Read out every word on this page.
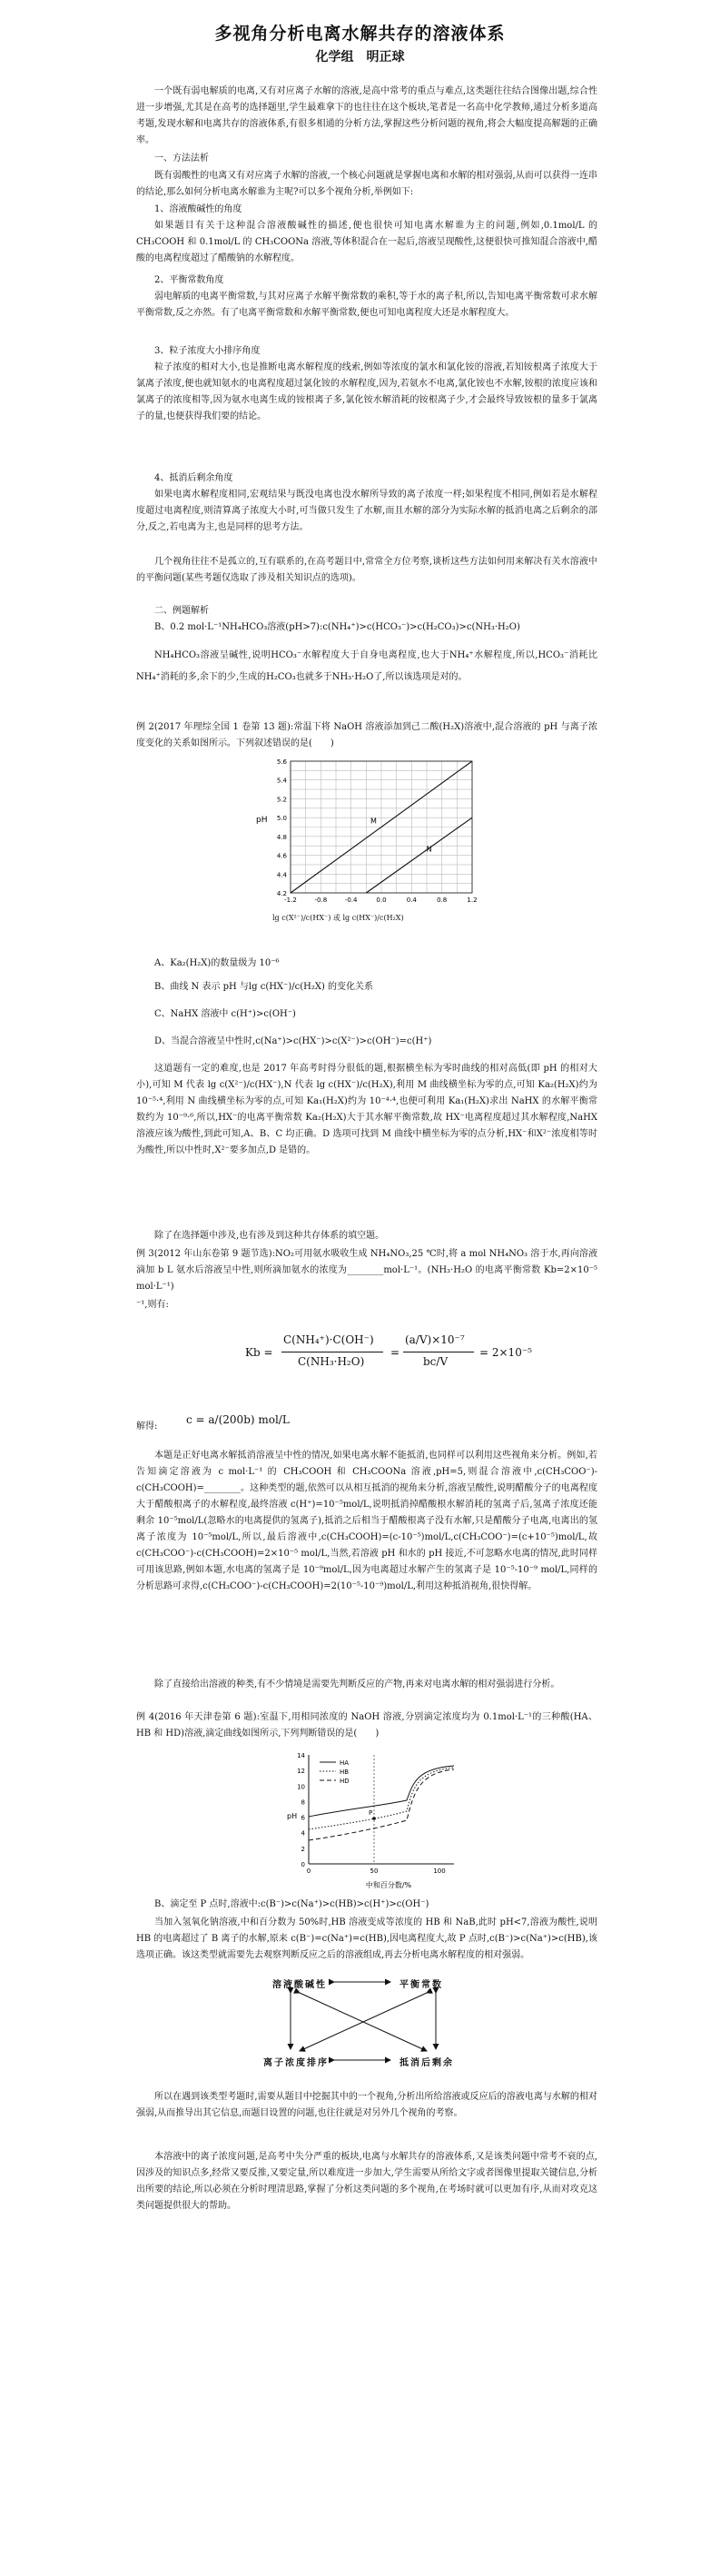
多视角分析电离水解共存的溶液体系
化学组　明正球
一个既有弱电解质的电离,又有对应离子水解的溶液,是高中常考的重点与难点,这类题往往结合图像出题,综合性进一步增强,尤其是在高考的选择题里,学生最难拿下的也往往在这个板块,笔者是一名高中化学教师,通过分析多道高考题,发现水解和电离共存的溶液体系,有很多相通的分析方法,掌握这些分析问题的视角,将会大幅度提高解题的正确率。
一、方法法析
既有弱酸性的电离又有对应离子水解的溶液,一个核心问题就是掌握电离和水解的相对强弱,从而可以获得一连串的结论,那么如何分析电离水解谁为主呢?可以多个视角分析,举例如下:
1、溶液酸碱性的角度
如果题目有关于这种混合溶液酸碱性的描述,便也很快可知电离水解谁为主的问题,例如,0.1mol/L 的 CH₃COOH 和 0.1mol/L 的 CH₃COONa 溶液,等体积混合在一起后,溶液呈现酸性,这便很快可推知混合溶液中,醋酸的电离程度超过了醋酸钠的水解程度。
2、平衡常数角度
弱电解质的电离平衡常数,与其对应离子水解平衡常数的乘积,等于水的离子积,所以,告知电离平衡常数可求水解平衡常数,反之亦然。有了电离平衡常数和水解平衡常数,便也可知电离程度大还是水解程度大。
3、粒子浓度大小排序角度
粒子浓度的相对大小,也是推断电离水解程度的线索,例如等浓度的氯水和氯化铵的溶液,若知铵根离子浓度大于氯离子浓度,便也就知氨水的电离程度超过氯化铵的水解程度,因为,若氨水不电离,氯化铵也不水解,铵根的浓度应该和氯离子的浓度相等,因为氨水电离生成的铵根离子多,氯化铵水解消耗的铵根离子少,才会最终导致铵根的量多于氯离子的量,也便获得我们要的结论。
4、抵消后剩余角度
如果电离水解程度相同,宏观结果与既没电离也没水解所导致的离子浓度一样;如果程度不相同,例如若是水解程度超过电离程度,则清算离子浓度大小时,可当做只发生了水解,而且水解的部分为实际水解的抵消电离之后剩余的部分,反之,若电离为主,也是同样的思考方法。
几个视角往往不是孤立的,互有联系的,在高考题目中,常常全方位考察,谈析这些方法如何用来解决有关水溶液中的平衡问题(某些考题仅选取了涉及相关知识点的选项)。
二、例题解析
B、0.2 mol·L⁻¹NH₄HCO₃溶液(pH>7):c(NH₄⁺)>c(HCO₃⁻)>c(H₂CO₃)>c(NH₃·H₂O)
NH₄HCO₃溶液呈碱性,说明HCO₃⁻水解程度大于自身电离程度,也大于NH₄⁺水解程度,所以,HCO₃⁻消耗比NH₄⁺消耗的多,余下的少,生成的H₂CO₃也就多于NH₃·H₂O了,所以该选项是对的。
例 2(2017 年理综全国 1 卷第 13 题):常温下将 NaOH 溶液添加到己二酸(H₂X)溶液中,混合溶液的 pH 与离子浓度变化的关系如图所示。下列叙述错误的是(　　)
5.6
5.4
5.2
5.0
4.8
4.6
4.4
4.2
-1.2	-0.8	-0.4	0.0	0.4	0.8	1.2
M
N
pH
lg c(X²⁻)/c(HX⁻) 或 lg c(HX⁻)/c(H₂X)
A、Ka₂(H₂X)的数量级为 10⁻⁶
B、曲线 N 表示 pH 与lg c(HX⁻)/c(H₂X) 的变化关系
C、NaHX 溶液中 c(H⁺)>c(OH⁻)
D、当混合溶液呈中性时,c(Na⁺)>c(HX⁻)>c(X²⁻)>c(OH⁻)=c(H⁺)
这道题有一定的难度,也是 2017 年高考时得分很低的题,根据横坐标为零时曲线的相对高低(即 pH 的相对大小),可知 M 代表 lg c(X²⁻)/c(HX⁻),N 代表 lg c(HX⁻)/c(H₂X),利用 M 曲线横坐标为零的点,可知 Ka₂(H₂X)约为 10⁻⁵·⁴,利用 N 曲线横坐标为零的点,可知 Ka₁(H₂X)约为 10⁻⁴·⁴,也便可利用 Ka₁(H₂X)求出 NaHX 的水解平衡常数约为 10⁻⁹·⁶,所以,HX⁻的电离平衡常数 Ka₂(H₂X)大于其水解平衡常数,故 HX⁻电离程度超过其水解程度,NaHX 溶液应该为酸性,到此可知,A、B、C 均正确。D 选项可找到 M 曲线中横坐标为零的点分析,HX⁻和X²⁻浓度相等时为酸性,所以中性时,X²⁻要多加点,D 是错的。
除了在选择题中涉及,也有涉及到这种共存体系的填空题。
例 3(2012 年山东卷第 9 题节选):NO₂可用氨水吸收生成 NH₄NO₃,25 ℃时,将 a mol NH₄NO₃ 溶于水,再向溶液滴加 b L 氨水后溶液呈中性,则所滴加氨水的浓度为________mol·L⁻¹。(NH₃·H₂O 的电离平衡常数 Kb=2×10⁻⁵ mol·L⁻¹)
⁻¹,则有:
Kb =
C(NH₄⁺)·C(OH⁻)
C(NH₃·H₂O)
=
(a/V)×10⁻⁷
bc/V
= 2×10⁻⁵
解得:
c = a/(200b) mol/L
本题是正好电离水解抵消溶液呈中性的情况,如果电离水解不能抵消,也同样可以利用这些视角来分析。例如,若告知滴定溶液为 c mol·L⁻¹ 的 CH₃COOH 和 CH₃COONa 溶液,pH=5,则混合溶液中,c(CH₃COO⁻)-c(CH₃COOH)=________。这种类型的题,依然可以从相互抵消的视角来分析,溶液呈酸性,说明醋酸分子的电离程度大于醋酸根离子的水解程度,最终溶液 c(H⁺)=10⁻⁵mol/L,说明抵消掉醋酸根水解消耗的氢离子后,氢离子浓度还能剩余 10⁻⁵mol/L(忽略水的电离提供的氢离子),抵消之后相当于醋酸根离子没有水解,只是醋酸分子电离,电离出的氢离子浓度为 10⁻⁵mol/L,所以,最后溶液中,c(CH₃COOH)=(c-10⁻⁵)mol/L,c(CH₃COO⁻)=(c+10⁻⁵)mol/L,故 c(CH₃COO⁻)-c(CH₃COOH)=2×10⁻⁵ mol/L,当然,若溶液 pH 和水的 pH 接近,不可忽略水电离的情况,此时同样可用该思路,例如本题,水电离的氢离子是 10⁻⁹mol/L,因为电离超过水解产生的氢离子是 10⁻⁵-10⁻⁹ mol/L,同样的分析思路可求得,c(CH₃COO⁻)-c(CH₃COOH)=2(10⁻⁵-10⁻⁹)mol/L,利用这种抵消视角,很快得解。
除了直接给出溶液的种类,有不少情境是需要先判断反应的产物,再来对电离水解的相对强弱进行分析。
例 4(2016 年天津卷第 6 题):室温下,用相同浓度的 NaOH 溶液,分别滴定浓度均为 0.1mol·L⁻¹的三种酸(HA、HB 和 HD)溶液,滴定曲线如图所示,下列判断错误的是(　　)
14
12
10
8
6
4
2
0
0	50	100
HA
HB
HD
P
pH
中和百分数/%
B、滴定至 P 点时,溶液中:c(B⁻)>c(Na⁺)>c(HB)>c(H⁺)>c(OH⁻)
当加入氢氧化钠溶液,中和百分数为 50%时,HB 溶液变成等浓度的 HB 和 NaB,此时 pH<7,溶液为酸性,说明 HB 的电离超过了 B 离子的水解,原来 c(B⁻)=c(Na⁺)=c(HB),因电离程度大,故 P 点时,c(B⁻)>c(Na⁺)>c(HB),该选项正确。该这类型就需要先去观察判断反应之后的溶液组成,再去分析电离水解程度的相对强弱。
溶液酸碱性	平衡常数
离子浓度排序	抵消后剩余
所以在遇到该类型考题时,需要从题目中挖掘其中的一个视角,分析出所给溶液或反应后的溶液电离与水解的相对强弱,从而推导出其它信息,而题目设置的问题,也往往就是对另外几个视角的考察。
本溶液中的离子浓度问题,是高考中失分严重的板块,电离与水解共存的溶液体系,又是该类问题中常考不衰的点,因涉及的知识点多,经常又要反推,又要定量,所以难度进一步加大,学生需要从所给文字或者图像里提取关键信息,分析出所要的结论,所以必须在分析时理清思路,掌握了分析这类问题的多个视角,在考场时就可以更加有序,从而对攻克这类问题提供很大的帮助。
